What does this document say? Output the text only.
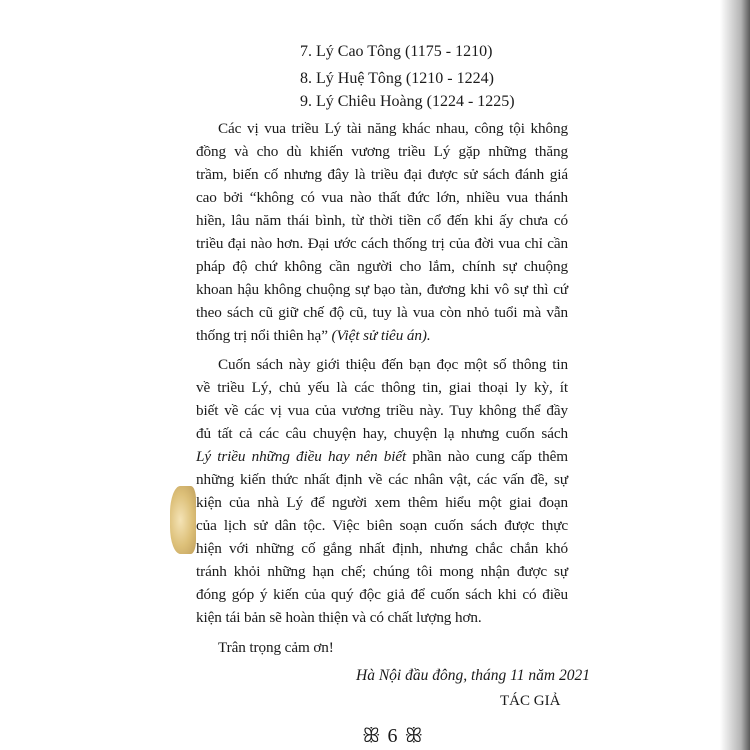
7. Lý Cao Tông (1175 - 1210)
8. Lý Huệ Tông (1210 - 1224)
9. Lý Chiêu Hoàng (1224 - 1225)
Các vị vua triều Lý tài năng khác nhau, công tội không
đồng và cho dù khiến vương triều Lý gặp những thăng
trầm, biến cố nhưng đây là triều đại được sử sách đánh giá
cao bởi “không có vua nào thất đức lớn, nhiều vua thánh
hiền, lâu năm thái bình, từ thời tiền cổ đến khi ấy chưa có
triều đại nào hơn. Đại ước cách thống trị của đời vua chỉ cần
pháp độ chứ không cần người cho lắm, chính sự chuộng
khoan hậu không chuộng sự bạo tàn, đương khi vô sự thì cứ
theo sách cũ giữ chế độ cũ, tuy là vua còn nhỏ tuổi mà vẫn
thống trị nổi thiên hạ” (Việt sử tiêu án).
Cuốn sách này giới thiệu đến bạn đọc một số thông tin
về triều Lý, chủ yếu là các thông tin, giai thoại ly kỳ, ít
biết về các vị vua của vương triều này. Tuy không thể đầy
đủ tất cả các câu chuyện hay, chuyện lạ nhưng cuốn sách
Lý triều những điều hay nên biết phần nào cung cấp thêm
những kiến thức nhất định về các nhân vật, các vấn đề, sự
kiện của nhà Lý để người xem thêm hiểu một giai đoạn
của lịch sử dân tộc. Việc biên soạn cuốn sách được thực
hiện với những cố gắng nhất định, nhưng chắc chắn khó
tránh khỏi những hạn chế; chúng tôi mong nhận được sự
đóng góp ý kiến của quý độc giả để cuốn sách khi có điều
kiện tái bản sẽ hoàn thiện và có chất lượng hơn.
Trân trọng cảm ơn!
Hà Nội đầu đông, tháng 11 năm 2021
TÁC GIẢ
ꕥ 6 ꕥ
